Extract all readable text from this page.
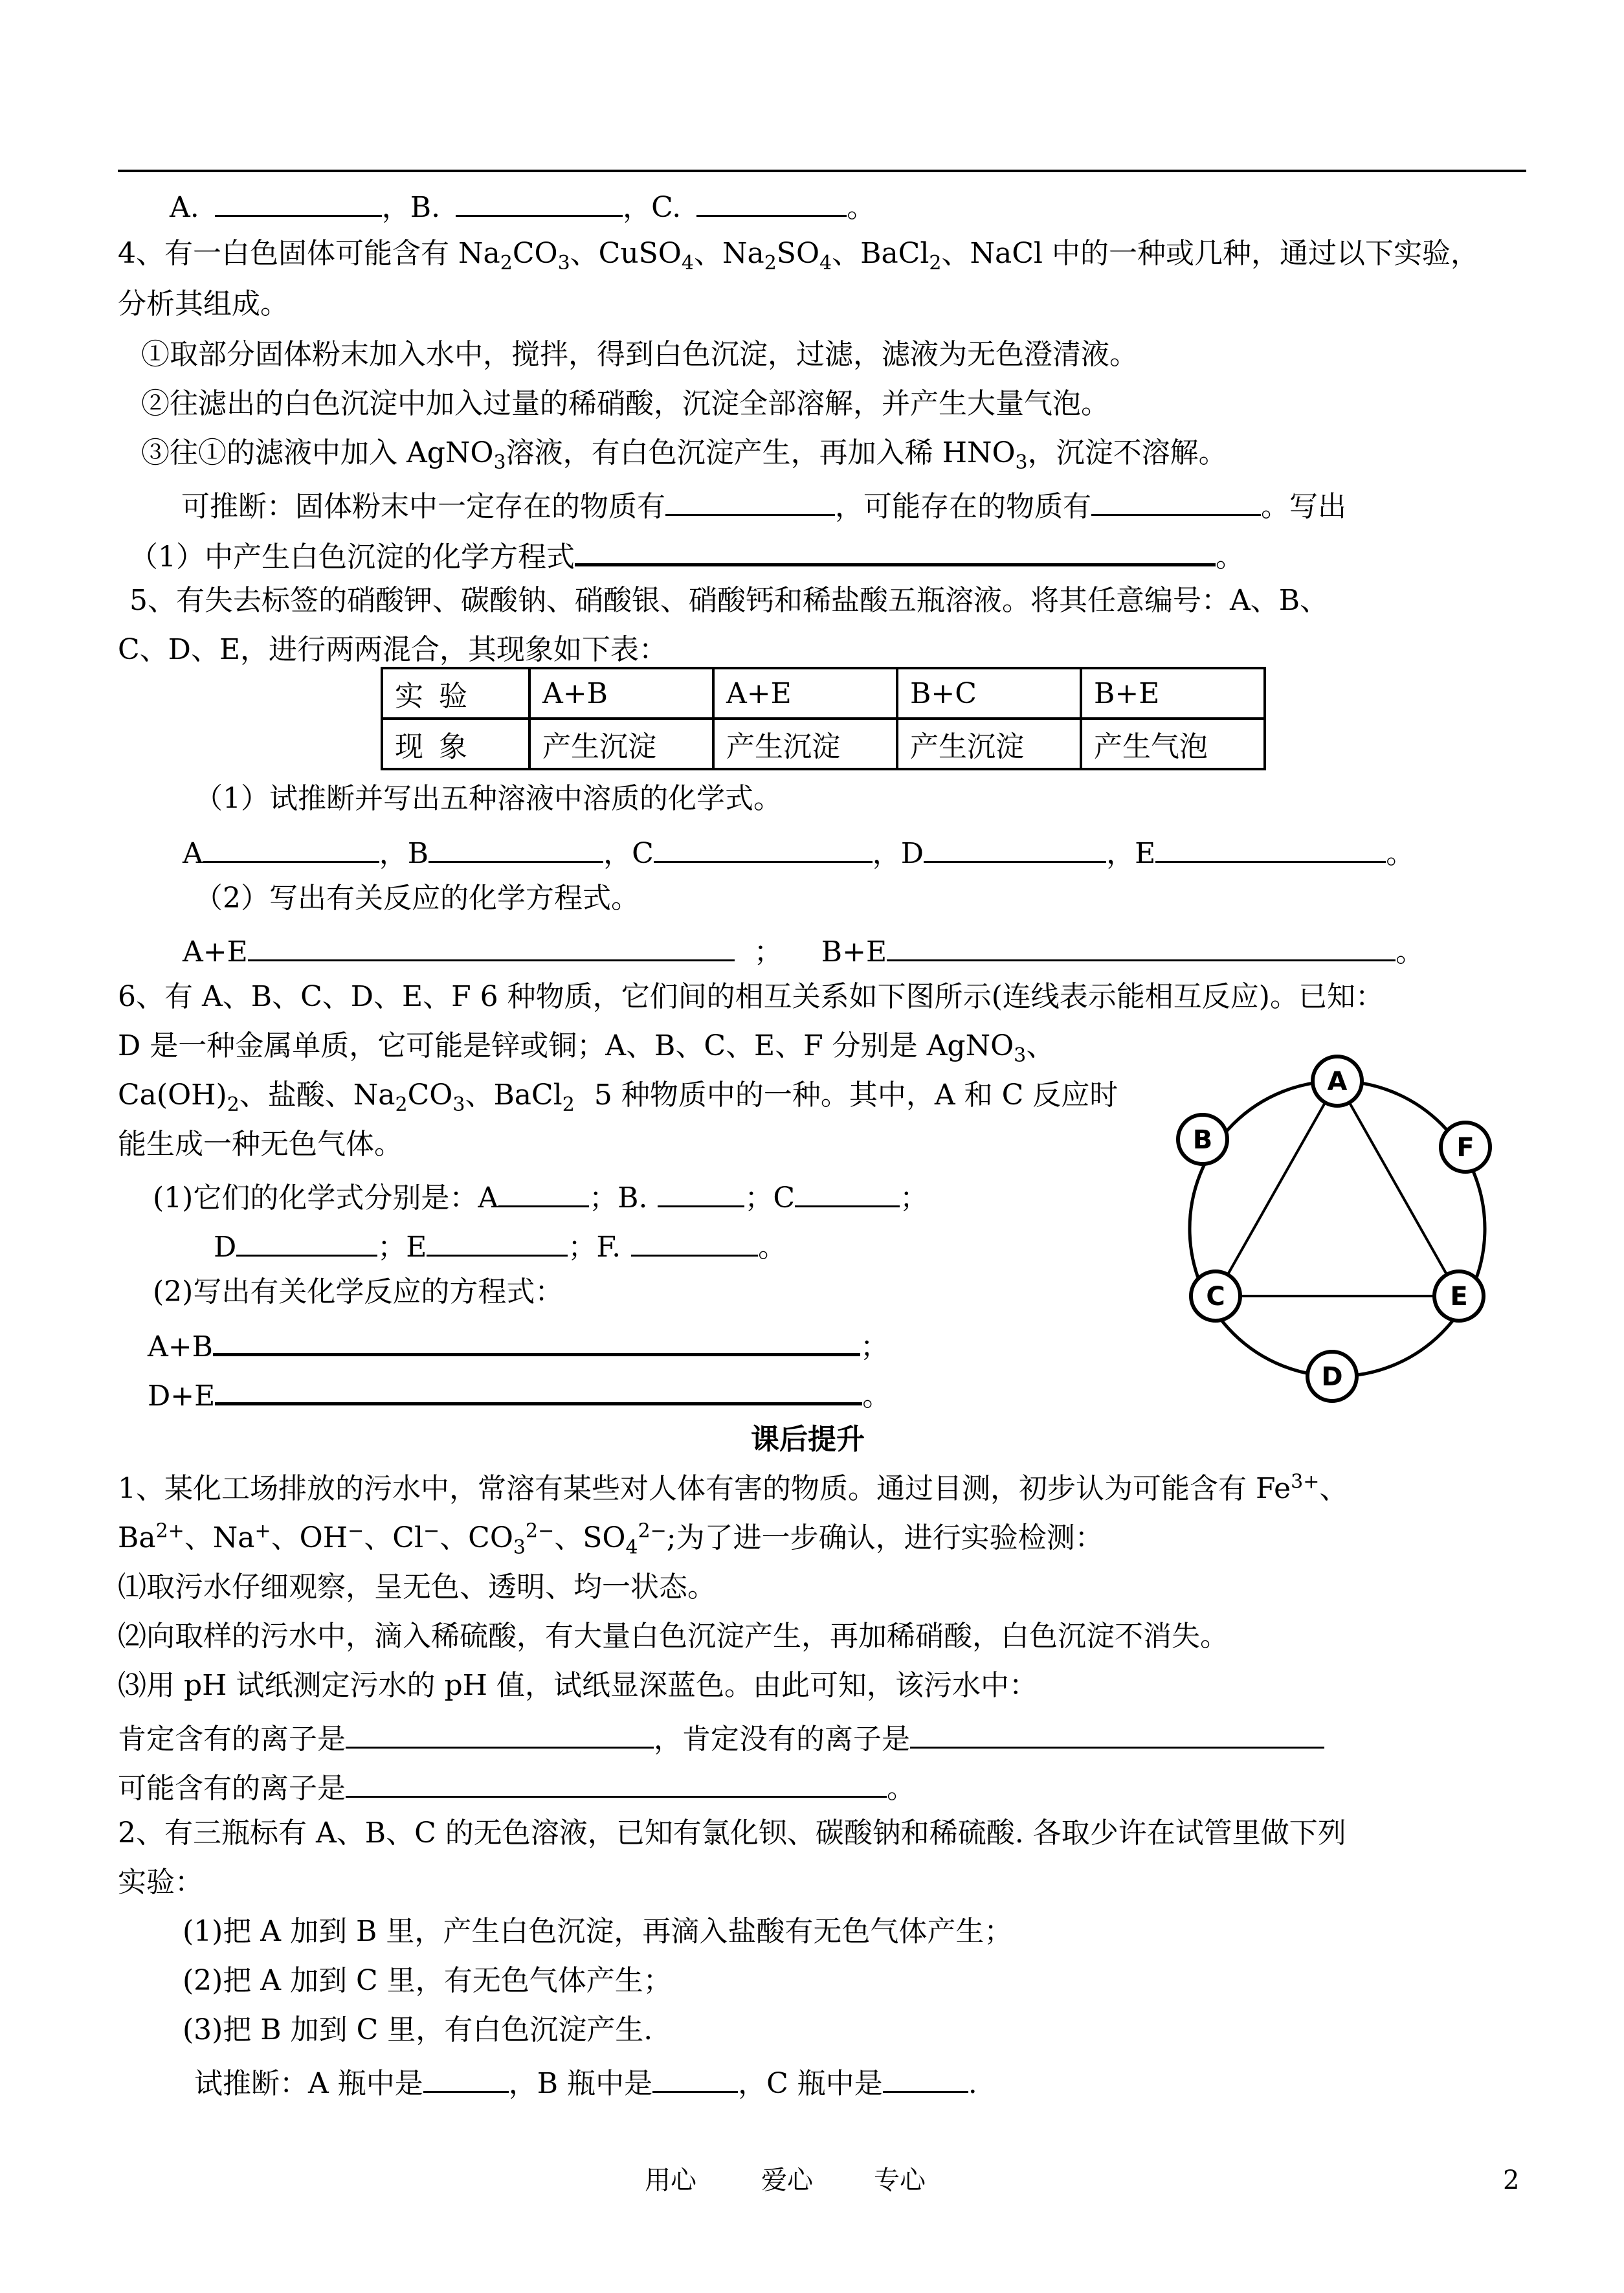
A.	，B.	，C.	。
4、有一白色固体可能含有 $Na_2CO_3$、CuSO$_4$、$Na_2SO_4$、BaCl$_2$、NaCl 中的一种或几种，通过以下实验，
分析其组成。
①取部分固体粉末加入水中，搅拌，得到白色沉淀，过滤，滤液为无色澄清液。
②往滤出的白色沉淀中加入过量的稀硝酸，沉淀全部溶解，并产生大量气泡。
③往①的滤液中加入 AgNO$_3$溶液，有白色沉淀产生，再加入稀 $HNO_3$，沉淀不溶解。
可推断：固体粉末中一定存在的物质有	，可能存在的物质有	。写出
（1）中产生白色沉淀的化学方程式	。
5、有失去标签的硝酸钾、碳酸钠、硝酸银、硝酸钙和稀盐酸五瓶溶液。将其任意编号：A、B、
C、D、E，进行两两混合，其现象如下表：
实验	A+B	A+E	B+C	B+E
现象	产生沉淀	产生沉淀	产生沉淀	产生气泡
（1）试推断并写出五种溶液中溶质的化学式。
A	，B	，C	，D	，E	。
（2）写出有关反应的化学方程式。
A+E	； B+E	。
6、有 A、B、C、D、E、F 6 种物质，它们间的相互关系如下图所示(连线表示能相互反应)。已知：
D 是一种金属单质，它可能是锌或铜；A、B、C、E、F 分别是 AgNO$_3$、
$Ca(OH)_2$、盐酸、$Na_2CO_3$、BaCl$_2$ 5 种物质中的一种。其中，A 和 C 反应时
能生成一种无色气体。
(1)它们的化学式分别是：A	；B.	；C	；
D	；E	；F.	。
(2)写出有关化学反应的方程式：
A+B	；
D+E	。
A
B	F
C	E
D
课后提升
1、某化工场排放的污水中，常溶有某些对人体有害的物质。通过目测，初步认为可能含有 $Fe^{3+}$、
$Ba^{2+}$、Na+、OH−、Cl−、$CO_3^{2-}$、$SO_4^{2-}$;为了进一步确认，进行实验检测：
⑴取污水仔细观察，呈无色、透明、均一状态。
⑵向取样的污水中，滴入稀硫酸，有大量白色沉淀产生，再加稀硝酸，白色沉淀不消失。
⑶用 pH 试纸测定污水的 pH 值，试纸显深蓝色。由此可知，该污水中：
肯定含有的离子是	，肯定没有的离子是
可能含有的离子是	。
2、有三瓶标有 A、B、C 的无色溶液，已知有氯化钡、碳酸钠和稀硫酸. 各取少许在试管里做下列
实验：
(1)把 A 加到 B 里，产生白色沉淀，再滴入盐酸有无色气体产生；
(2)把 A 加到 C 里，有无色气体产生；
(3)把 B 加到 C 里，有白色沉淀产生.
试推断：A 瓶中是	，B 瓶中是	，C 瓶中是	.
用心	爱心 专心	2
